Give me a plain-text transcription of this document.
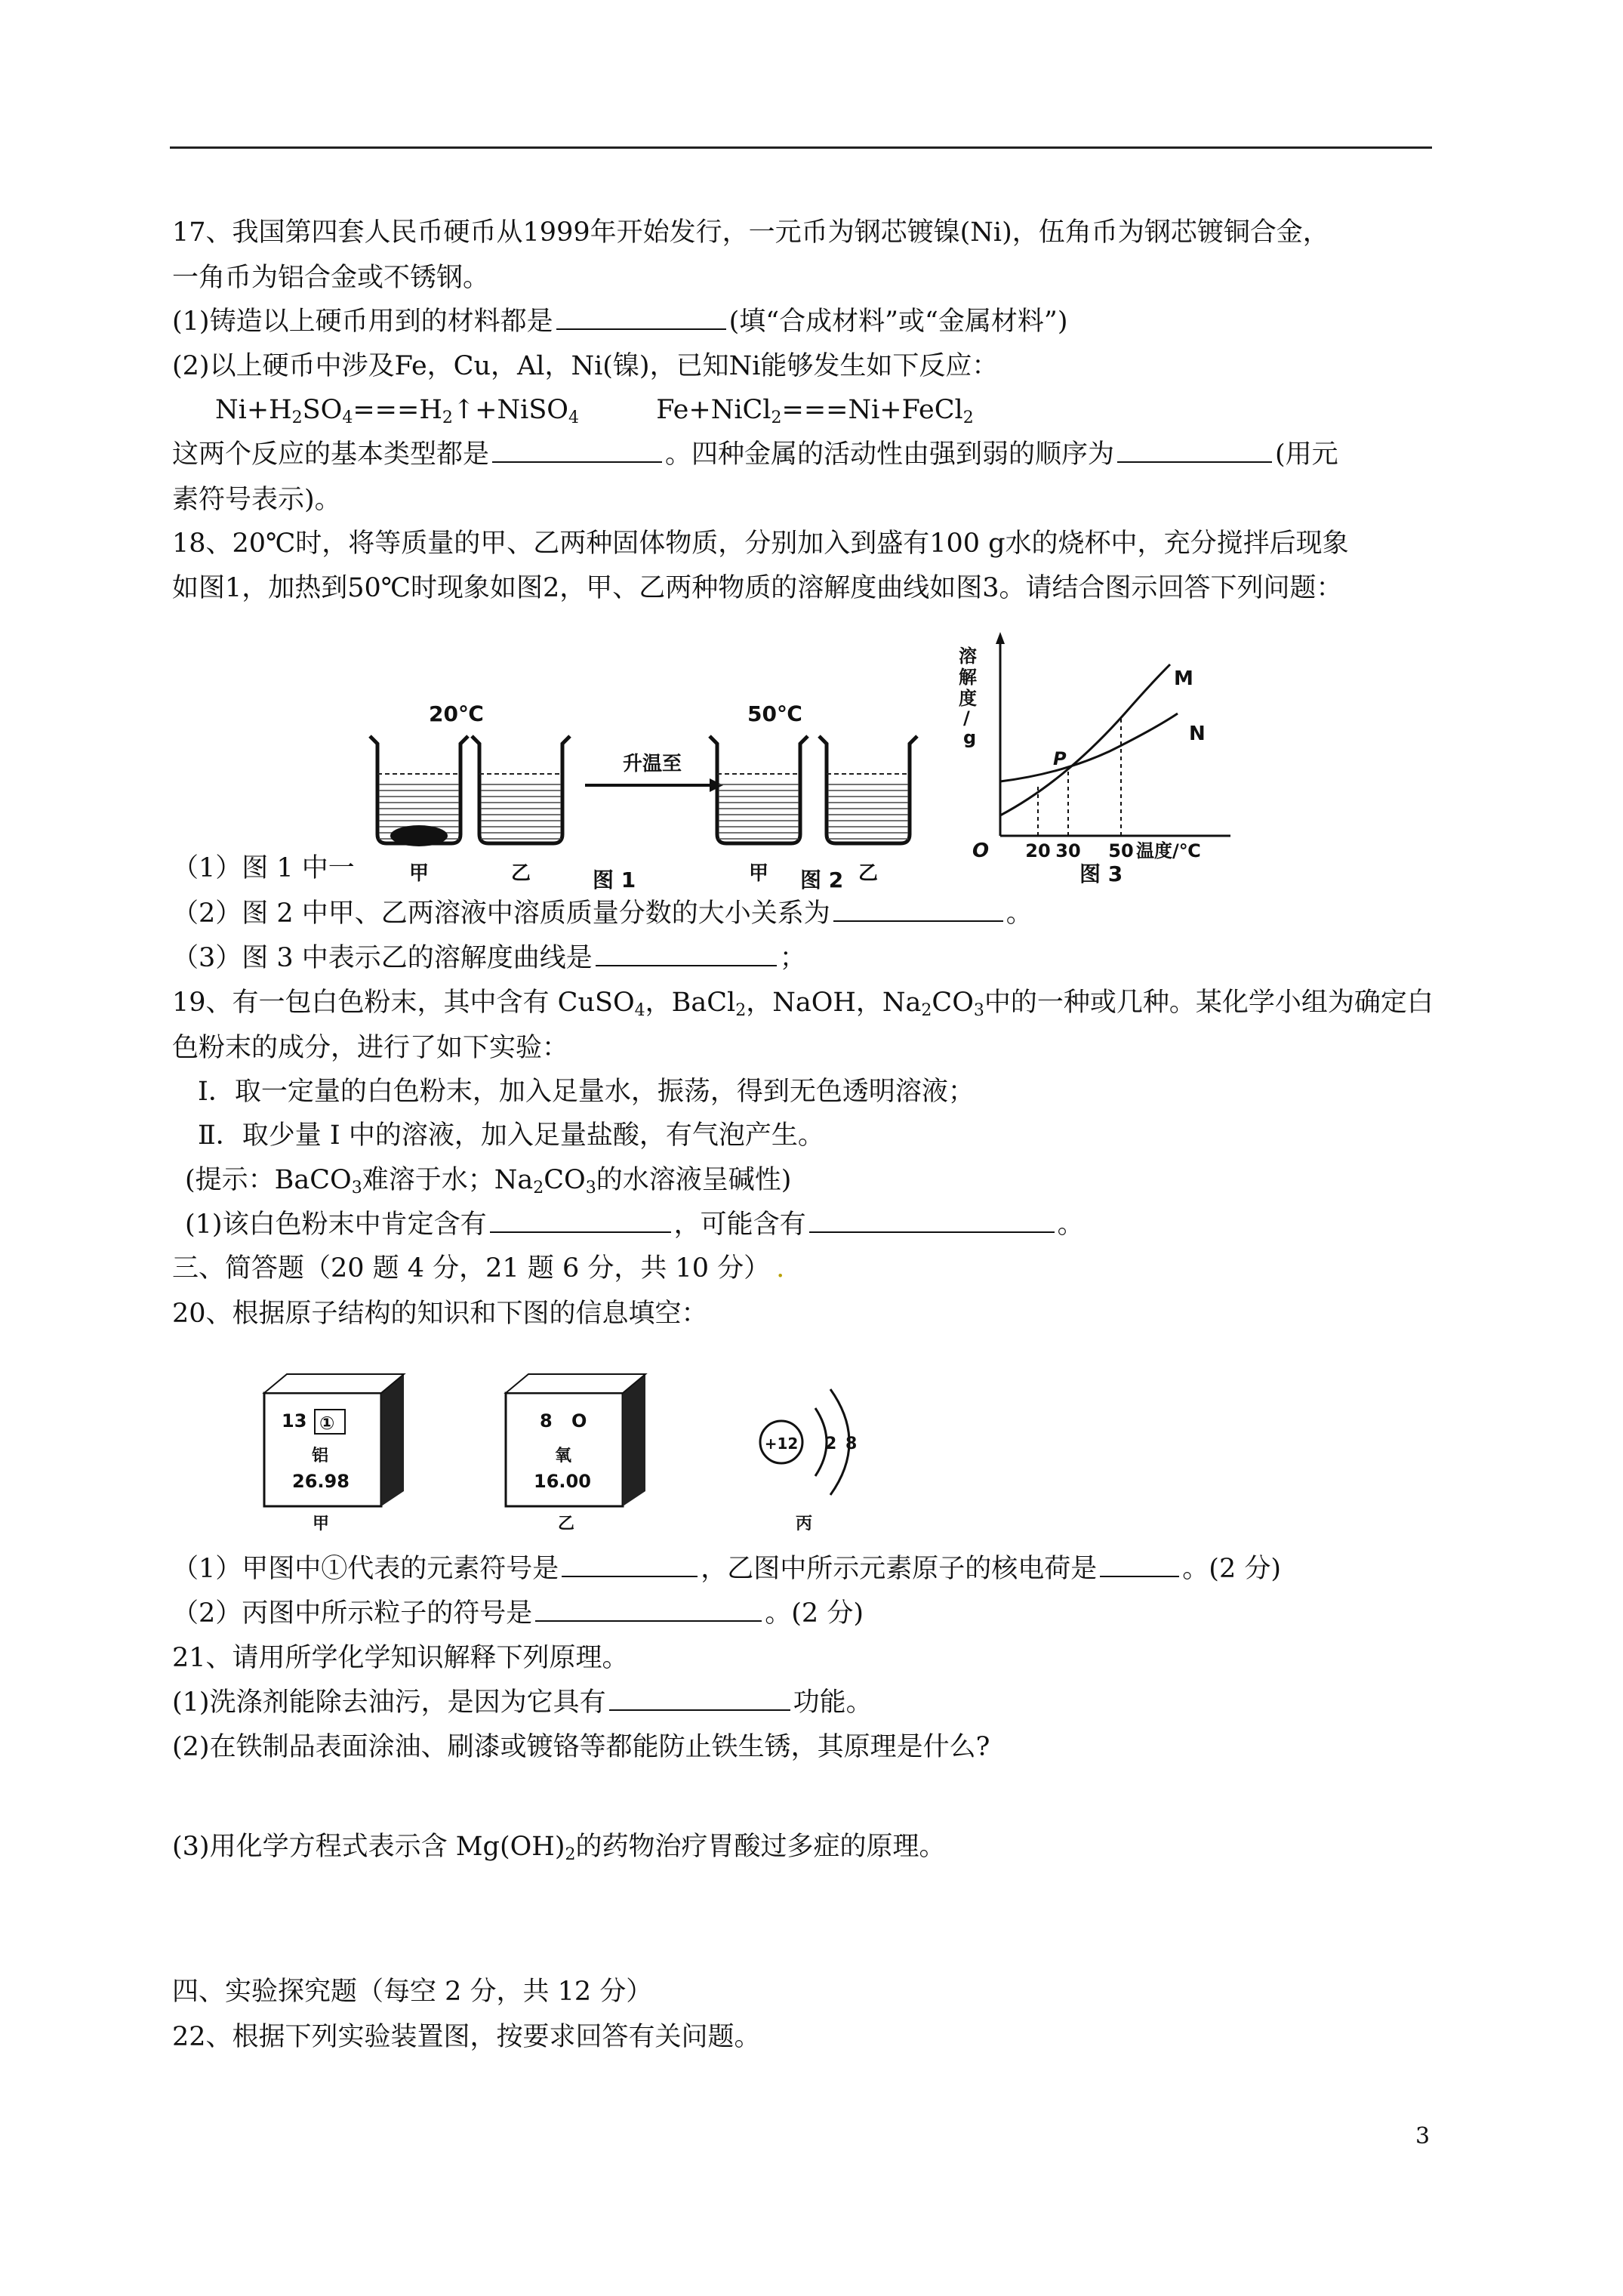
17、我国第四套人民币硬币从1999年开始发行，一元币为钢芯镀镍(Ni)，伍角币为钢芯镀铜合金，
一角币为铝合金或不锈钢。
(1)铸造以上硬币用到的材料都是	(填“合成材料”或“金属材料”)
(2)以上硬币中涉及Fe，Cu，Al，Ni(镍)，已知Ni能够发生如下反应：
$Ni+H_2SO_4===H_2↑+NiSO_4$	Fe+NiCl$_2$===Ni+FeCl$_2$
这两个反应的基本类型都是	。四种金属的活动性由强到弱的顺序为	(用元
素符号表示)。
18、20℃时，将等质量的甲、乙两种固体物质，分别加入到盛有100 g水的烧杯中，充分搅拌后现象
如图1，加热到50℃时现象如图2，甲、乙两种物质的溶解度曲线如图3。请结合图示回答下列问题：
20℃
甲	乙	图 1
升温至
50℃
甲	乙
图 2
溶
解
度
/
g
O 20 30 50 温度/℃
M
N
P
图 3
（1）图 1 中一
（2）图 2 中甲、乙两溶液中溶质质量分数的大小关系为	。
（3）图 3 中表示乙的溶解度曲线是	；
19、有一包白色粉末，其中含有 CuSO$_4$，BaCl$_2$，NaOH，$Na_2CO_3$中的一种或几种。某化学小组为确定白
色粉末的成分，进行了如下实验：
I．取一定量的白色粉末，加入足量水，振荡，得到无色透明溶液；
Ⅱ．取少量 I 中的溶液，加入足量盐酸，有气泡产生。
(提示：BaCO$_3$难溶于水；$Na_2CO_3$的水溶液呈碱性)
(1)该白色粉末中肯定含有	，可能含有	。
三、简答题（20 题 4 分，21 题 6 分，共 10 分） .
20、根据原子结构的知识和下图的信息填空：
13 ①
铝
26.98
甲
8 O
氧
16.00
乙
+12 2 8
丙
（1）甲图中①代表的元素符号是	，乙图中所示元素原子的核电荷是	。(2 分)
（2）丙图中所示粒子的符号是	。(2 分)
21、请用所学化学知识解释下列原理。
(1)洗涤剂能除去油污，是因为它具有	功能。
(2)在铁制品表面涂油、刷漆或镀铬等都能防止铁生锈，其原理是什么?
(3)用化学方程式表示含 $Mg(OH)_2$的药物治疗胃酸过多症的原理。
四、实验探究题（每空 2 分，共 12 分）
22、根据下列实验装置图，按要求回答有关问题。
3
